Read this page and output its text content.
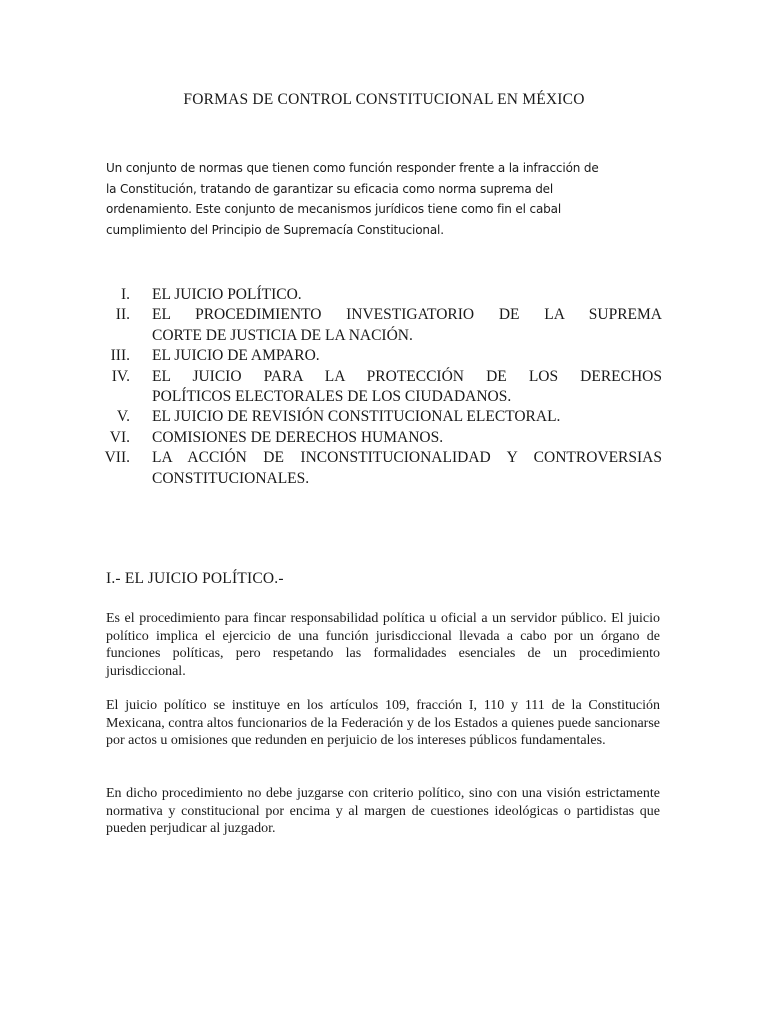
FORMAS DE CONTROL CONSTITUCIONAL EN MÉXICO
Un conjunto de normas que tienen como función responder frente a la infracción de la Constitución, tratando de garantizar su eficacia como norma suprema del ordenamiento. Este conjunto de mecanismos jurídicos tiene como fin el cabal cumplimiento del Principio de Supremacía Constitucional.
I. EL JUICIO POLÍTICO.
II. EL PROCEDIMIENTO INVESTIGATORIO DE LA SUPREMA
CORTE DE JUSTICIA DE LA NACIÓN.
III. EL JUICIO DE AMPARO.
IV. EL JUICIO PARA LA PROTECCIÓN DE LOS DERECHOS
POLÍTICOS ELECTORALES DE LOS CIUDADANOS.
V. EL JUICIO DE REVISIÓN CONSTITUCIONAL ELECTORAL.
VI. COMISIONES DE DERECHOS HUMANOS.
VII. LA ACCIÓN DE INCONSTITUCIONALIDAD Y CONTROVERSIAS
CONSTITUCIONALES.
I.- EL JUICIO POLÍTICO.-

Es el procedimiento para fincar responsabilidad política u oficial a un servidor público. El juicio político implica el ejercicio de una función jurisdiccional llevada a cabo por un órgano de funciones políticas, pero respetando las formalidades esenciales de un procedimiento jurisdiccional.

El juicio político se instituye en los artículos 109, fracción I, 110 y 111 de la Constitución Mexicana, contra altos funcionarios de la Federación y de los Estados a quienes puede sancionarse por actos u omisiones que redunden en perjuicio de los intereses públicos fundamentales.

En dicho procedimiento no debe juzgarse con criterio político, sino con una visión estrictamente normativa y constitucional por encima y al margen de cuestiones ideológicas o partidistas que pueden perjudicar al juzgador.
